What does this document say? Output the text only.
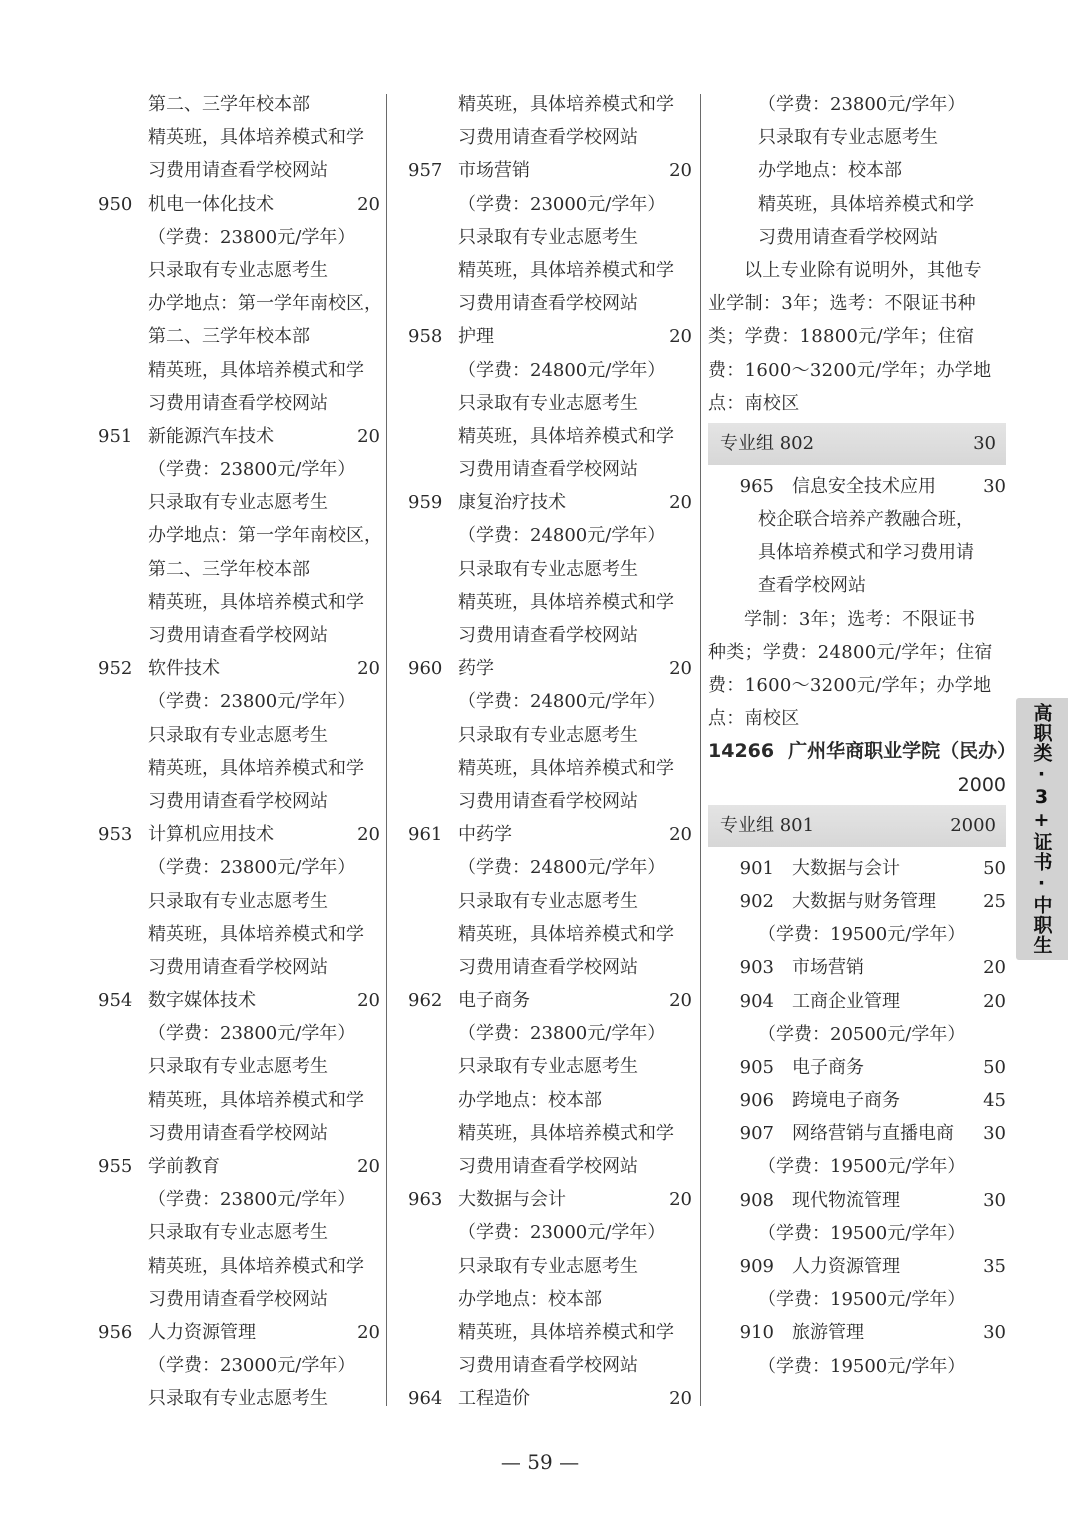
第二、三学年校本部
精英班，具体培养模式和学
习费用请查看学校网站
950 机电一体化技术	20
（学费：23800元/学年）
只录取有专业志愿考生
办学地点：第一学年南校区，
第二、三学年校本部
精英班，具体培养模式和学
习费用请查看学校网站
951 新能源汽车技术	20
（学费：23800元/学年）
只录取有专业志愿考生
办学地点：第一学年南校区，
第二、三学年校本部
精英班，具体培养模式和学
习费用请查看学校网站
952 软件技术	20
（学费：23800元/学年）
只录取有专业志愿考生
精英班，具体培养模式和学
习费用请查看学校网站
953 计算机应用技术	20
（学费：23800元/学年）
只录取有专业志愿考生
精英班，具体培养模式和学
习费用请查看学校网站
954 数字媒体技术	20
（学费：23800元/学年）
只录取有专业志愿考生
精英班，具体培养模式和学
习费用请查看学校网站
955 学前教育	20
（学费：23800元/学年）
只录取有专业志愿考生
精英班，具体培养模式和学
习费用请查看学校网站
956 人力资源管理	20
（学费：23000元/学年）
只录取有专业志愿考生
精英班，具体培养模式和学
习费用请查看学校网站
957 市场营销	20
（学费：23000元/学年）
只录取有专业志愿考生
精英班，具体培养模式和学
习费用请查看学校网站
958 护理	20
（学费：24800元/学年）
只录取有专业志愿考生
精英班，具体培养模式和学
习费用请查看学校网站
959 康复治疗技术	20
（学费：24800元/学年）
只录取有专业志愿考生
精英班，具体培养模式和学
习费用请查看学校网站
960 药学	20
（学费：24800元/学年）
只录取有专业志愿考生
精英班，具体培养模式和学
习费用请查看学校网站
961 中药学	20
（学费：24800元/学年）
只录取有专业志愿考生
精英班，具体培养模式和学
习费用请查看学校网站
962 电子商务	20
（学费：23800元/学年）
只录取有专业志愿考生
办学地点：校本部
精英班，具体培养模式和学
习费用请查看学校网站
963 大数据与会计	20
（学费：23000元/学年）
只录取有专业志愿考生
办学地点：校本部
精英班，具体培养模式和学
习费用请查看学校网站
964 工程造价	20
（学费：23800元/学年）
只录取有专业志愿考生
办学地点：校本部
精英班，具体培养模式和学
习费用请查看学校网站
以上专业除有说明外，其他专
业学制：3年；选考：不限证书种
类；学费：18800元/学年；住宿
费：1600～3200元/学年；办学地
点：南校区
专业组 802	30
965	信息安全技术应用	30
校企联合培养产教融合班，
具体培养模式和学习费用请
查看学校网站
学制：3年；选考：不限证书
种类；学费：24800元/学年；住宿
费：1600～3200元/学年；办学地
点：南校区
14266 广州华商职业学院（民办）
2000
专业组 801	2000
901	大数据与会计	50
902	大数据与财务管理	25
（学费：19500元/学年）
903	市场营销	20
904	工商企业管理	20
（学费：20500元/学年）
905	电子商务	50
906	跨境电子商务	45
907	网络营销与直播电商	30
（学费：19500元/学年）
908	现代物流管理	30
（学费：19500元/学年）
909	人力资源管理	35
（学费：19500元/学年）
910	旅游管理	30
（学费：19500元/学年）
— 59 —
高职类·3+证书·中职生
